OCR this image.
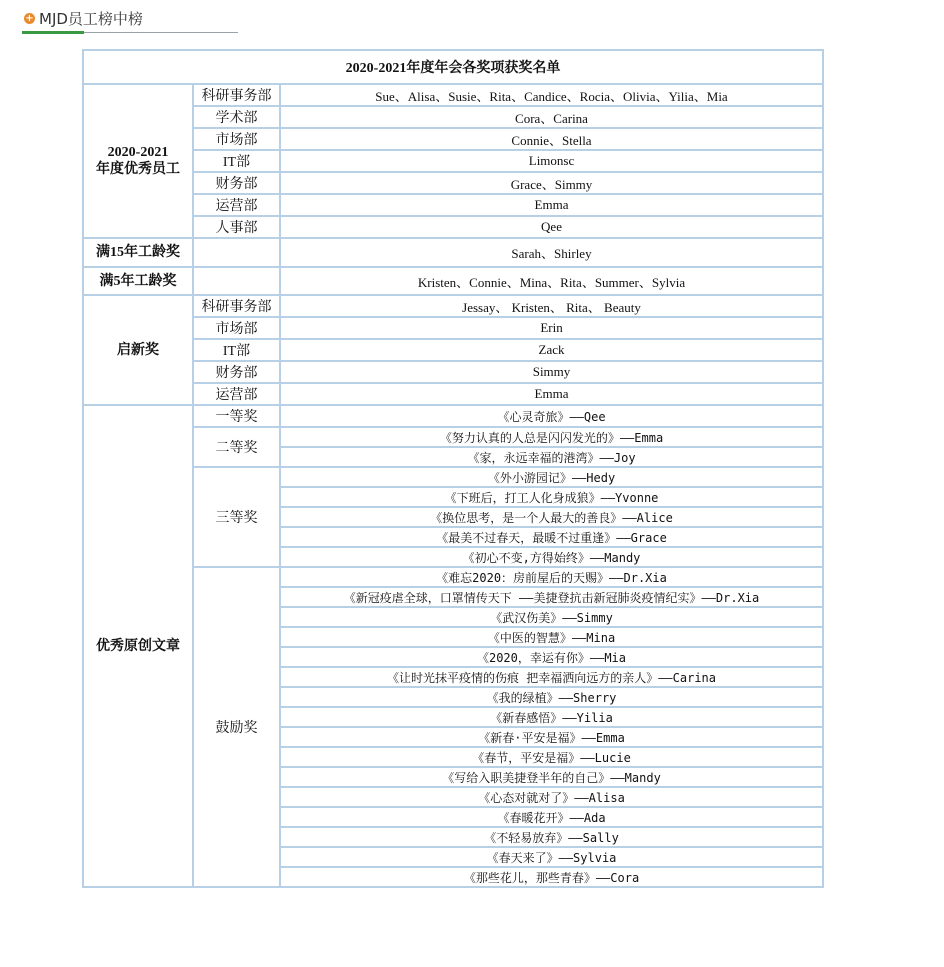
+ MJD员工榜中榜
2020-2021年度年会各奖项获奖名单		
2020-2021
年度优秀员工	科研事务部	Sue、Alisa、Susie、Rita、Candice、Rocia、Olivia、Yilia、Mia
	学术部	Cora、Carina
	市场部	Connie、Stella
	IT部	Limonsc
	财务部	Grace、Simmy
	运营部	Emma
	人事部	Qee
满15年工龄奖		Sarah、Shirley
满5年工龄奖		Kristen、Connie、Mina、Rita、Summer、Sylvia
启新奖	科研事务部	Jessay、 Kristen、 Rita、 Beauty
	市场部	Erin
	IT部	Zack
	财务部	Simmy
	运营部	Emma
优秀原创文章	一等奖	《心灵奇旅》——Qee
	二等奖	《努力认真的人总是闪闪发光的》——Emma
		《家，永远幸福的港湾》——Joy
	三等奖	《外小游园记》——Hedy
		《下班后，打工人化身成狼》——Yvonne
		《换位思考，是一个人最大的善良》——Alice
		《最美不过春天，最暖不过重逢》——Grace
		《初心不变,方得始终》——Mandy
	鼓励奖	《难忘2020：房前屋后的天赐》——Dr.Xia
		《新冠疫虐全球，口罩情传天下 ——美捷登抗击新冠肺炎疫情纪实》——Dr.Xia
		《武汉伤美》——Simmy
		《中医的智慧》——Mina
		《2020，幸运有你》——Mia
		《让时光抹平疫情的伤痕 把幸福洒向远方的亲人》——Carina
		《我的绿植》——Sherry
		《新春感悟》——Yilia
		《新春·平安是福》——Emma
		《春节，平安是福》——Lucie
		《写给入职美捷登半年的自己》——Mandy
		《心态对就对了》——Alisa
		《春暖花开》——Ada
		《不轻易放弃》——Sally
		《春天来了》——Sylvia
		《那些花儿，那些青春》——Cora
